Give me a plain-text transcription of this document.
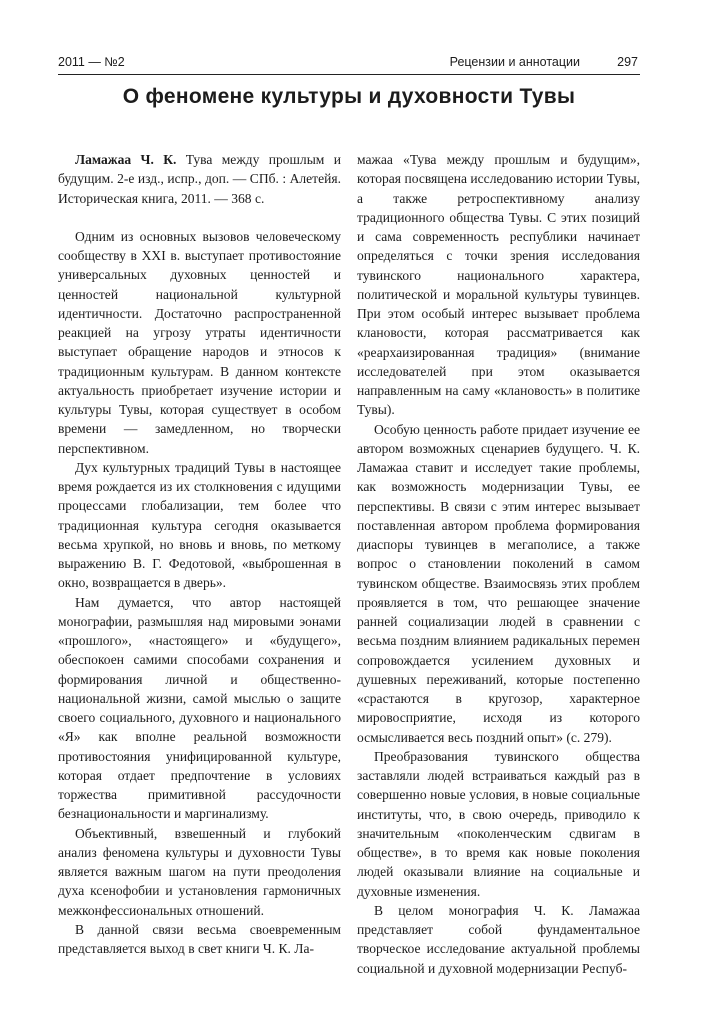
2011 — №2	Рецензии и аннотации	297
О феномене культуры и духовности Тувы

Ламажаа Ч. К. Тува между прошлым и будущим. 2-е изд., испр., доп. — СПб. : Алетейя. Историческая книга, 2011. — 368 с.

Одним из основных вызовов человеческому сообществу в XXI в. выступает противостояние универсальных духовных ценностей и ценностей национальной культурной идентичности. Достаточно распространенной реакцией на угрозу утраты идентичности выступает обращение народов и этносов к традиционным культурам. В данном контексте актуальность приобретает изучение истории и культуры Тувы, которая существует в особом времени — замедленном, но творчески перспективном.

Дух культурных традиций Тувы в настоящее время рождается из их столкновения с идущими процессами глобализации, тем более что традиционная культура сегодня оказывается весьма хрупкой, но вновь и вновь, по меткому выражению В. Г. Федотовой, «выброшенная в окно, возвращается в дверь».

Нам думается, что автор настоящей монографии, размышляя над мировыми эонами «прошлого», «настоящего» и «будущего», обеспокоен самими способами сохранения и формирования личной и общественно-национальной жизни, самой мыслью о защите своего социального, духовного и национального «Я» как вполне реальной возможности противостояния унифицированной культуре, которая отдает предпочтение в условиях торжества примитивной рассудочности безнациональности и маргинализму.

Объективный, взвешенный и глубокий анализ феномена культуры и духовности Тувы является важным шагом на пути преодоления духа ксенофобии и установления гармоничных межконфессиональных отношений.

В данной связи весьма своевременным представляется выход в свет книги Ч. К. Ла-

мажаа «Тува между прошлым и будущим», которая посвящена исследованию истории Тувы, а также ретроспективному анализу традиционного общества Тувы. С этих позиций и сама современность республики начинает определяться с точки зрения исследования тувинского национального характера, политической и моральной культуры тувинцев. При этом особый интерес вызывает проблема клановости, которая рассматривается как «реархаизированная традиция» (внимание исследователей при этом оказывается направленным на саму «клановость» в политике Тувы).

Особую ценность работе придает изучение ее автором возможных сценариев будущего. Ч. К. Ламажаа ставит и исследует такие проблемы, как возможность модернизации Тувы, ее перспективы. В связи с этим интерес вызывает поставленная автором проблема формирования диаспоры тувинцев в мегаполисе, а также вопрос о становлении поколений в самом тувинском обществе. Взаимосвязь этих проблем проявляется в том, что решающее значение ранней социализации людей в сравнении с весьма поздним влиянием радикальных перемен сопровождается усилением духовных и душевных переживаний, которые постепенно «срастаются в кругозор, характерное мировосприятие, исходя из которого осмысливается весь поздний опыт» (с. 279).

Преобразования тувинского общества заставляли людей встраиваться каждый раз в совершенно новые условия, в новые социальные институты, что, в свою очередь, приводило к значительным «поколенческим сдвигам в обществе», в то время как новые поколения людей оказывали влияние на социальные и духовные изменения.

В целом монография Ч. К. Ламажаа представляет собой фундаментальное творческое исследование актуальной проблемы социальной и духовной модернизации Респуб-
